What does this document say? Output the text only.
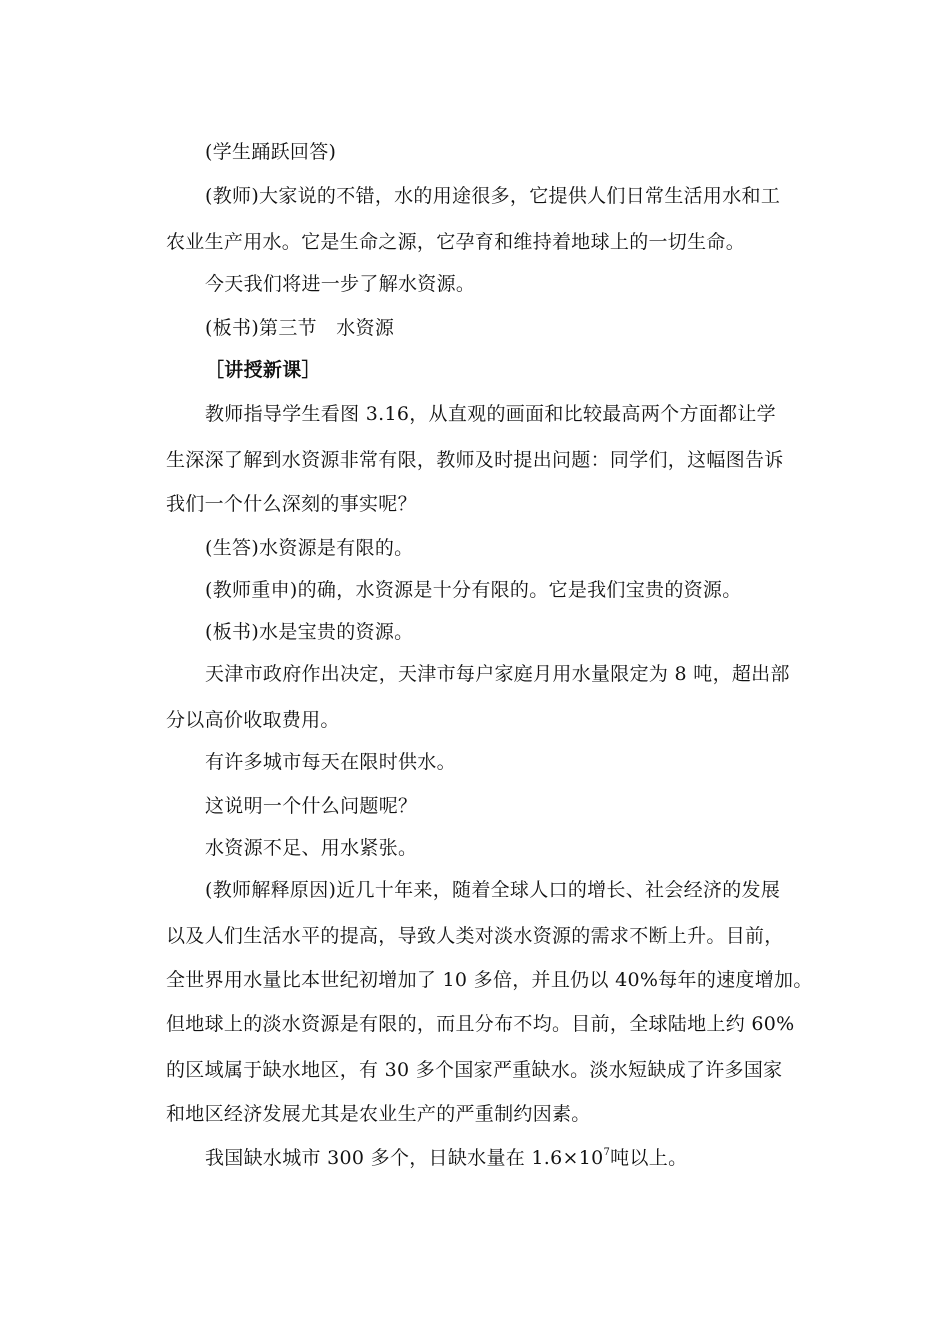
(学生踊跃回答)
(教师)大家说的不错，水的用途很多，它提供人们日常生活用水和工
农业生产用水。它是生命之源，它孕育和维持着地球上的一切生命。
今天我们将进一步了解水资源。
(板书)第三节　水资源
［讲授新课］
教师指导学生看图 3.16，从直观的画面和比较最高两个方面都让学
生深深了解到水资源非常有限，教师及时提出问题：同学们，这幅图告诉
我们一个什么深刻的事实呢？
(生答)水资源是有限的。
(教师重申)的确，水资源是十分有限的。它是我们宝贵的资源。
(板书)水是宝贵的资源。
天津市政府作出决定，天津市每户家庭月用水量限定为 8 吨，超出部
分以高价收取费用。
有许多城市每天在限时供水。
这说明一个什么问题呢？
水资源不足、用水紧张。
(教师解释原因)近几十年来，随着全球人口的增长、社会经济的发展
以及人们生活水平的提高，导致人类对淡水资源的需求不断上升。目前，
全世界用水量比本世纪初增加了 10 多倍，并且仍以 40%每年的速度增加。
但地球上的淡水资源是有限的，而且分布不均。目前，全球陆地上约 60%
的区域属于缺水地区，有 30 多个国家严重缺水。淡水短缺成了许多国家
和地区经济发展尤其是农业生产的严重制约因素。
我国缺水城市 300 多个，日缺水量在 $1.6\times 10^7$吨以上。
